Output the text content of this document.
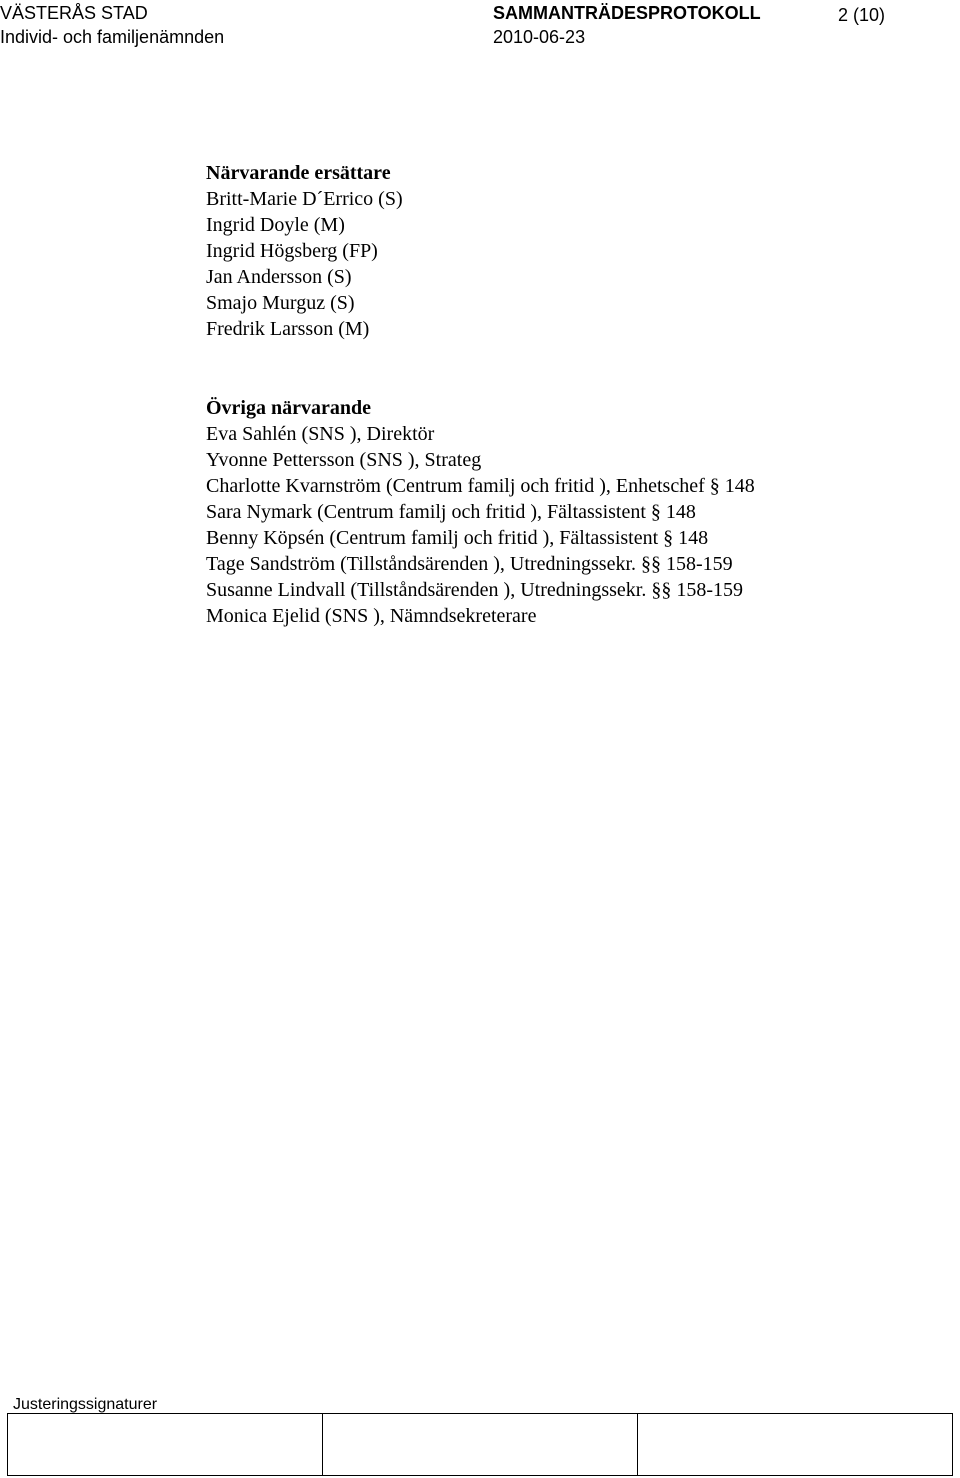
VÄSTERÅS STAD
Individ- och familjenämnden
SAMMANTRÄDESPROTOKOLL
2010-06-23
2 (10)
Närvarande ersättare
Britt-Marie D´Errico (S)
Ingrid Doyle (M)
Ingrid Högsberg (FP)
Jan Andersson (S)
Smajo Murguz (S)
Fredrik Larsson (M)
Övriga närvarande
Eva Sahlén (SNS ), Direktör
Yvonne Pettersson (SNS ), Strateg
Charlotte Kvarnström (Centrum familj och fritid ), Enhetschef § 148
Sara Nymark (Centrum familj och fritid ), Fältassistent § 148
Benny Köpsén (Centrum familj och fritid ), Fältassistent § 148
Tage Sandström (Tillståndsärenden ), Utredningssekr. §§ 158-159
Susanne Lindvall (Tillståndsärenden ), Utredningssekr. §§ 158-159
Monica Ejelid (SNS ), Nämndsekreterare
Justeringssignaturer
